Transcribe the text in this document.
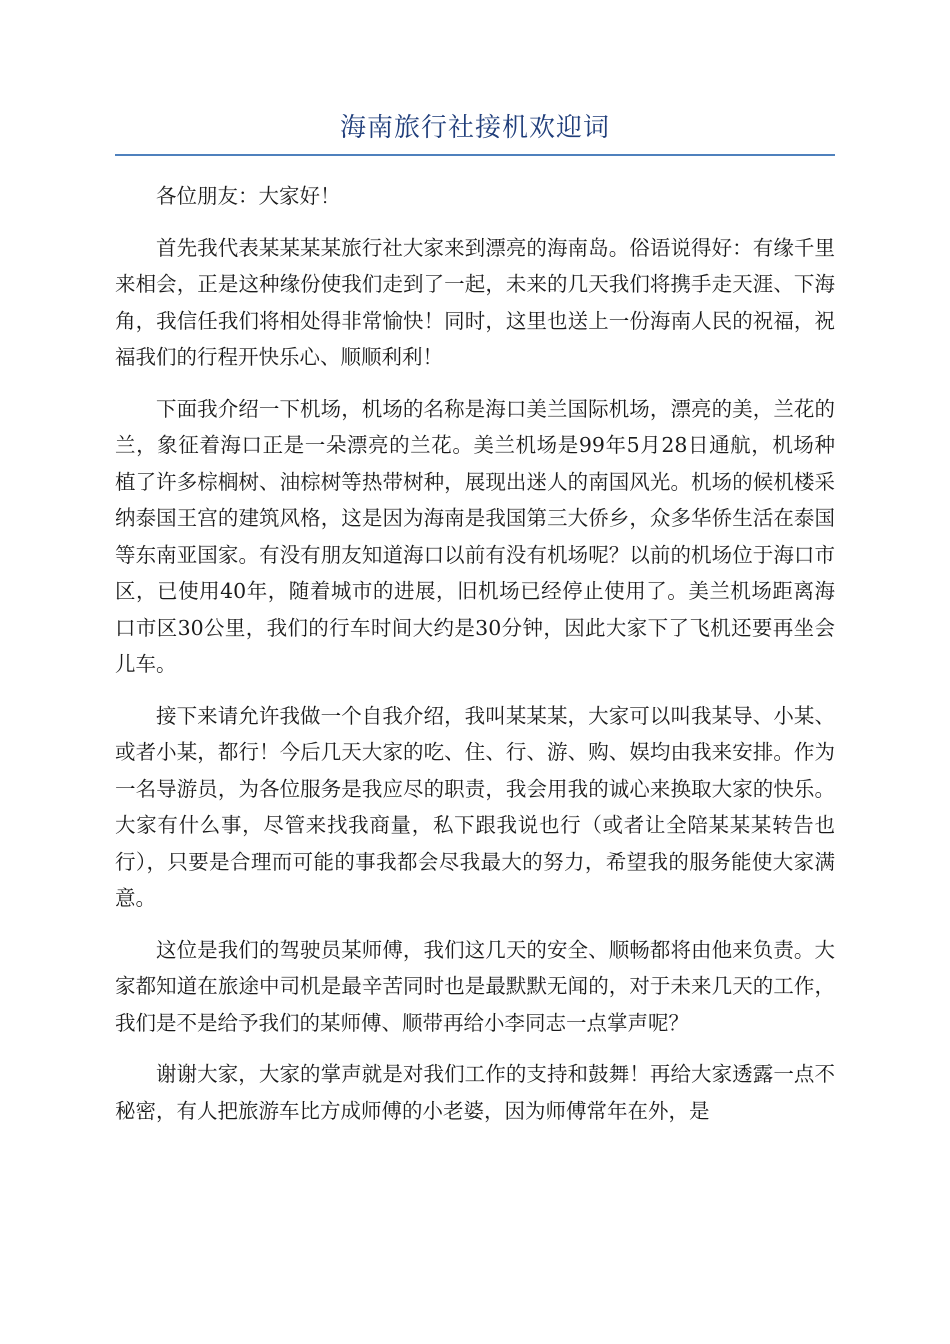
海南旅行社接机欢迎词

各位朋友：大家好！

首先我代表某某某某旅行社大家来到漂亮的海南岛。俗语说得好：有缘千里来相会，正是这种缘份使我们走到了一起，未来的几天我们将携手走天涯、下海角，我信任我们将相处得非常愉快！同时，这里也送上一份海南人民的祝福，祝福我们的行程开快乐心、顺顺利利！

下面我介绍一下机场，机场的名称是海口美兰国际机场，漂亮的美，兰花的兰，象征着海口正是一朵漂亮的兰花。美兰机场是99年5月28日通航，机场种植了许多棕榈树、油棕树等热带树种，展现出迷人的南国风光。机场的候机楼采纳泰国王宫的建筑风格，这是因为海南是我国第三大侨乡，众多华侨生活在泰国等东南亚国家。有没有朋友知道海口以前有没有机场呢？以前的机场位于海口市区，已使用40年，随着城市的进展，旧机场已经停止使用了。美兰机场距离海口市区30公里，我们的行车时间大约是30分钟，因此大家下了飞机还要再坐会儿车。

接下来请允许我做一个自我介绍，我叫某某某，大家可以叫我某导、小某、或者小某，都行！今后几天大家的吃、住、行、游、购、娱均由我来安排。作为一名导游员，为各位服务是我应尽的职责，我会用我的诚心来换取大家的快乐。大家有什么事，尽管来找我商量，私下跟我说也行（或者让全陪某某某转告也行），只要是合理而可能的事我都会尽我最大的努力，希望我的服务能使大家满意。

这位是我们的驾驶员某师傅，我们这几天的安全、顺畅都将由他来负责。大家都知道在旅途中司机是最辛苦同时也是最默默无闻的，对于未来几天的工作，我们是不是给予我们的某师傅、顺带再给小李同志一点掌声呢？

谢谢大家，大家的掌声就是对我们工作的支持和鼓舞！再给大家透露一点不秘密，有人把旅游车比方成师傅的小老婆，因为师傅常年在外，是
